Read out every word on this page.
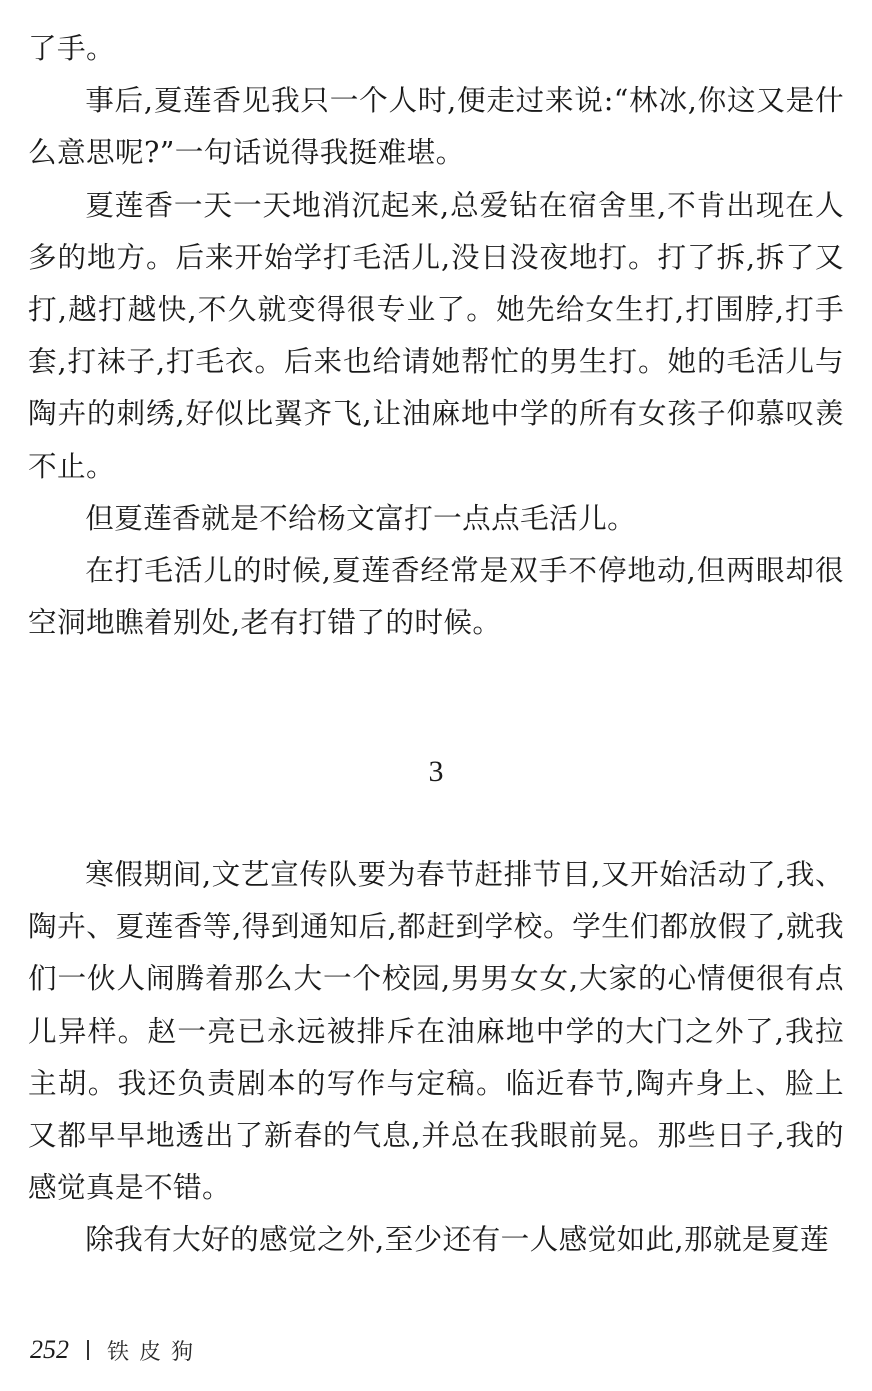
了手。

事后,夏莲香见我只一个人时,便走过来说:“林冰,你这又是什么意思呢?”一句话说得我挺难堪。

夏莲香一天一天地消沉起来,总爱钻在宿舍里,不肯出现在人多的地方。后来开始学打毛活儿,没日没夜地打。打了拆,拆了又打,越打越快,不久就变得很专业了。她先给女生打,打围脖,打手套,打袜子,打毛衣。后来也给请她帮忙的男生打。她的毛活儿与陶卉的刺绣,好似比翼齐飞,让油麻地中学的所有女孩子仰慕叹羡不止。

但夏莲香就是不给杨文富打一点点毛活儿。

在打毛活儿的时候,夏莲香经常是双手不停地动,但两眼却很空洞地瞧着别处,老有打错了的时候。

3

寒假期间,文艺宣传队要为春节赶排节目,又开始活动了,我、陶卉、夏莲香等,得到通知后,都赶到学校。学生们都放假了,就我们一伙人闹腾着那么大一个校园,男男女女,大家的心情便很有点儿异样。赵一亮已永远被排斥在油麻地中学的大门之外了,我拉主胡。我还负责剧本的写作与定稿。临近春节,陶卉身上、脸上又都早早地透出了新春的气息,并总在我眼前晃。那些日子,我的感觉真是不错。

除我有大好的感觉之外,至少还有一人感觉如此,那就是夏莲

252 铁皮狗
